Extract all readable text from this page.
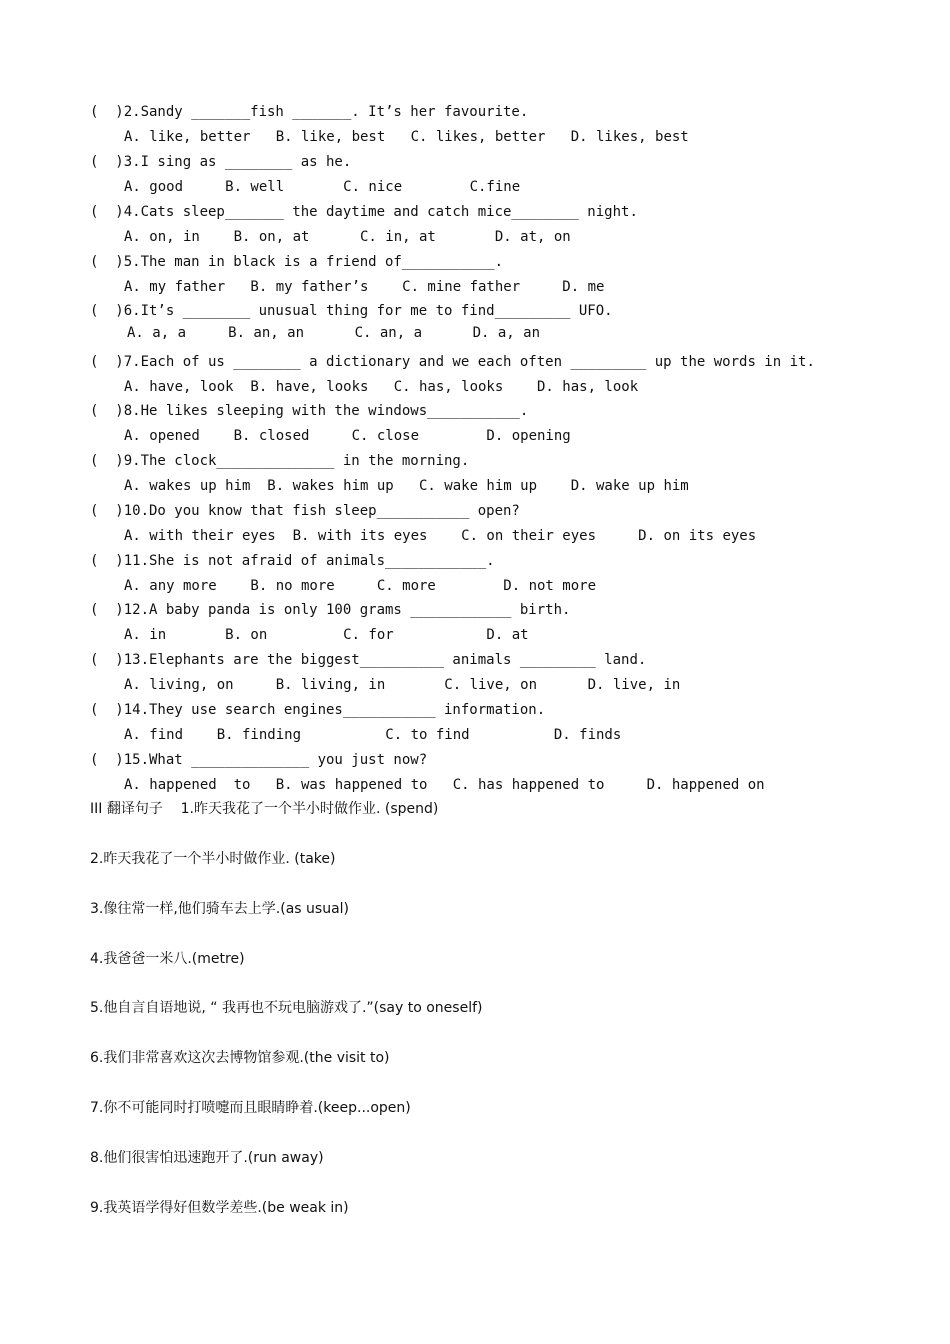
(  )2.Sandy _______fish _______. It’s her favourite.
A. like, better   B. like, best   C. likes, better   D. likes, best
(  )3.I sing as ________ as he.
A. good     B. well       C. nice        C.fine
(  )4.Cats sleep_______ the daytime and catch mice________ night.
A. on, in    B. on, at      C. in, at       D. at, on
(  )5.The man in black is a friend of___________.
A. my father   B. my father’s    C. mine father     D. me
(  )6.It’s ________ unusual thing for me to find_________ UFO.
A. a, a     B. an, an      C. an, a      D. a, an
(  )7.Each of us ________ a dictionary and we each often _________ up the words in it.
A. have, look  B. have, looks   C. has, looks    D. has, look
(  )8.He likes sleeping with the windows___________.
A. opened    B. closed     C. close        D. opening
(  )9.The clock______________ in the morning.
A. wakes up him  B. wakes him up   C. wake him up    D. wake up him
(  )10.Do you know that fish sleep___________ open?
A. with their eyes  B. with its eyes    C. on their eyes     D. on its eyes
(  )11.She is not afraid of animals____________.
A. any more    B. no more     C. more        D. not more
(  )12.A baby panda is only 100 grams ____________ birth.
A. in       B. on         C. for           D. at
(  )13.Elephants are the biggest__________ animals _________ land.
A. living, on     B. living, in       C. live, on      D. live, in
(  )14.They use search engines___________ information.
A. find    B. finding          C. to find          D. finds
(  )15.What ______________ you just now?
A. happened  to   B. was happened to   C. has happened to     D. happened on
III 翻译句子    1.昨天我花了一个半小时做作业. (spend)
2.昨天我花了一个半小时做作业. (take)
3.像往常一样,他们骑车去上学.(as usual)
4.我爸爸一米八.(metre)
5.他自言自语地说, “ 我再也不玩电脑游戏了.”(say to oneself)
6.我们非常喜欢这次去博物馆参观.(the visit to)
7.你不可能同时打喷嚏而且眼睛睁着.(keep...open)
8.他们很害怕迅速跑开了.(run away)
9.我英语学得好但数学差些.(be weak in)
